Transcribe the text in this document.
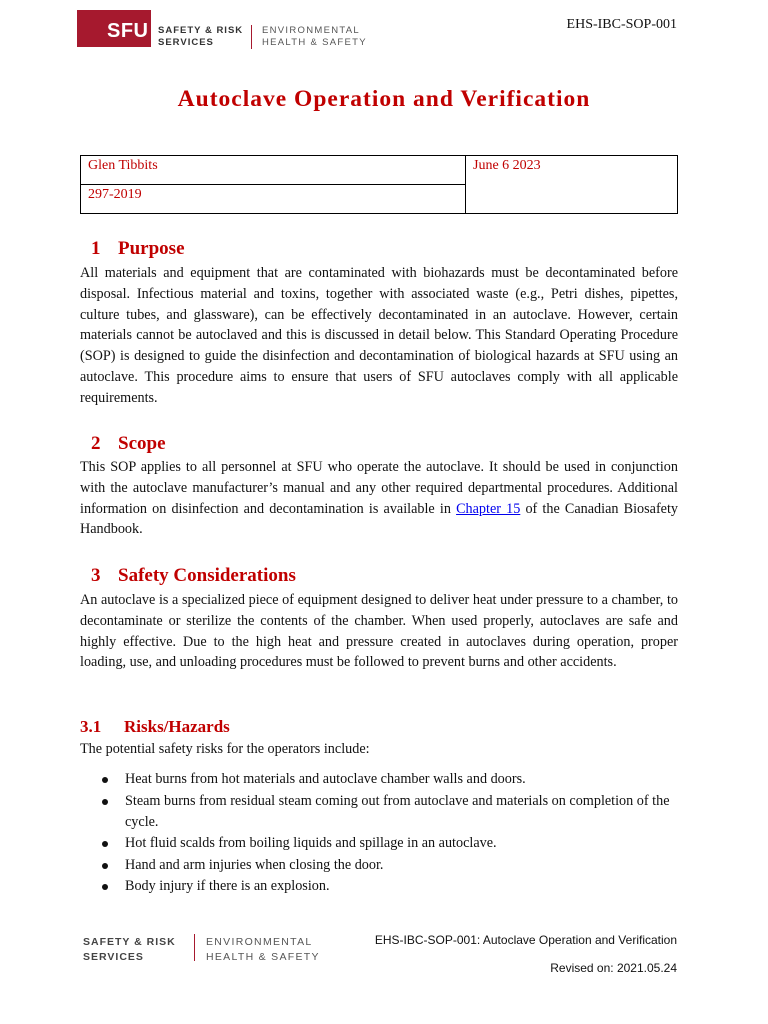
SFU SAFETY & RISK
SERVICES
ENVIRONMENTAL
HEALTH & SAFETY
EHS-IBC-SOP-001
Autoclave Operation and Verification
Glen Tibbits	June 6 2023
297-2019
1 Purpose
All materials and equipment that are contaminated with biohazards must be decontaminated before disposal. Infectious material and toxins, together with associated waste (e.g., Petri dishes, pipettes, culture tubes, and glassware), can be effectively decontaminated in an autoclave. However, certain materials cannot be autoclaved and this is discussed in detail below. This Standard Operating Procedure (SOP) is designed to guide the disinfection and decontamination of biological hazards at SFU using an autoclave. This procedure aims to ensure that users of SFU autoclaves comply with all applicable requirements.
2 Scope
This SOP applies to all personnel at SFU who operate the autoclave. It should be used in conjunction with the autoclave manufacturer’s manual and any other required departmental procedures. Additional information on disinfection and decontamination is available in Chapter 15 of the Canadian Biosafety Handbook.
3 Safety Considerations
An autoclave is a specialized piece of equipment designed to deliver heat under pressure to a chamber, to decontaminate or sterilize the contents of the chamber. When used properly, autoclaves are safe and highly effective. Due to the high heat and pressure created in autoclaves during operation, proper loading, use, and unloading procedures must be followed to prevent burns and other accidents.
3.1 Risks/Hazards
The potential safety risks for the operators include:
Heat burns from hot materials and autoclave chamber walls and doors.
Steam burns from residual steam coming out from autoclave and materials on completion of the cycle.
Hot fluid scalds from boiling liquids and spillage in an autoclave.
Hand and arm injuries when closing the door.
Body injury if there is an explosion.
SAFETY & RISK
SERVICES
ENVIRONMENTAL
HEALTH & SAFETY
EHS-IBC-SOP-001: Autoclave Operation and Verification
Revised on: 2021.05.24
